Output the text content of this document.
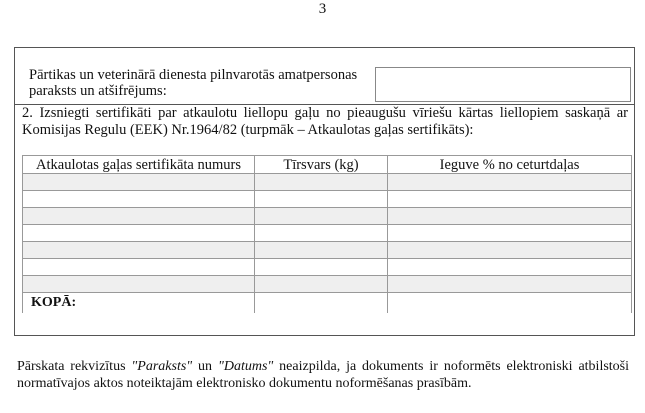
3
Pārtikas un veterinārā dienesta pilnvarotās amatpersonas paraksts un atšifrējums:
2. Izsniegti sertifikāti par atkaulotu liellopu gaļu no pieaugušu vīriešu kārtas liellopiem saskaņā ar Komisijas Regulu (EEK) Nr.1964/82 (turpmāk – Atkaulotas gaļas sertifikāts):
Atkaulotas gaļas sertifikāta numurs	Tīrsvars (kg)	Ieguve % no ceturtdaļas

KOPĀ:		
Pārskata rekvizītus "Paraksts" un "Datums" neaizpilda, ja dokuments ir noformēts elektroniski atbilstoši normatīvajos aktos noteiktajām elektronisko dokumentu noformēšanas prasībām.
